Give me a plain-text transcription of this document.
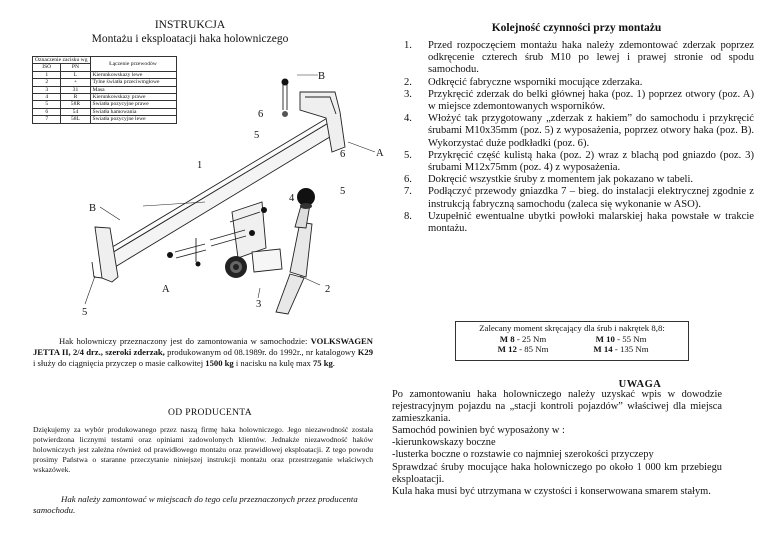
INSTRUKCJA
Montażu i eksploatacji haka holowniczego
B
B
A
A
1
2
3
4
5
5
5
6
6
Oznaczenie zacisku wg		Łączenie przewodów
ISO	PN	
1	L	Kierunkowskazy lewe
2	+	Tylne światła przeciwmgłowe
3	31	Masa
4	R	Kierunkowskazy prawe
5	58R	Światła pozycyjne prawe
6	54	Światła hamowania
7	58L	Światła pozycyjne lewe
Hak holowniczy przeznaczony jest do zamontowania w samochodzie: VOLKSWAGEN JETTA II, 2/4 drz., szeroki zderzak, produkowanym od 08.1989r. do 1992r., nr katalogowy K29 i służy do ciągnięcia przyczep o masie całkowitej 1500 kg i nacisku na kulę max 75 kg.
OD PRODUCENTA
Dziękujemy za wybór produkowanego przez naszą firmę haka holowniczego. Jego niezawodność została potwierdzona licznymi testami oraz opiniami zadowolonych klientów. Jednakże niezawodność haków holowniczych jest zależna również od prawidłowego montażu oraz prawidłowej eksploatacji. Z tego powodu prosimy Państwa o staranne przeczytanie niniejszej instrukcji montażu oraz przestrzeganie właściwych wskazówek.
Hak należy zamontować w miejscach do tego celu przeznaczonych przez producenta samochodu.
Kolejność czynności przy montażu
1. Przed rozpoczęciem montażu haka należy zdemontować zderzak poprzez odkręcenie czterech śrub M10 po lewej i prawej stronie od spodu samochodu.
2. Odkręcić fabryczne wsporniki mocujące zderzaka.
3. Przykręcić zderzak do belki głównej haka (poz. 1) poprzez otwory (poz. A) w miejsce zdemontowanych wsporników.
4. Włożyć tak przygotowany „zderzak z hakiem” do samochodu i przykręcić śrubami M10x35mm (poz. 5) z wyposażenia, poprzez otwory haka (poz. B). Wykorzystać duże podkładki (poz. 6).
5. Przykręcić część kulistą haka (poz. 2) wraz z blachą pod gniazdo (poz. 3) śrubami M12x75mm (poz. 4) z wyposażenia.
6. Dokręcić wszystkie śruby z momentem jak pokazano w tabeli.
7. Podłączyć przewody gniazdka 7 – bieg. do instalacji elektrycznej zgodnie z instrukcją fabryczną samochodu (zaleca się wykonanie w ASO).
8. Uzupełnić ewentualne ubytki powłoki malarskiej haka powstałe w trakcie montażu.
Zalecany moment skręcający dla śrub i nakrętek 8,8:
M 8 - 25 Nm	M 10 - 55 Nm
M 12 - 85 Nm	M 14 - 135 Nm
UWAGA

Po zamontowaniu haka holowniczego należy uzyskać wpis w dowodzie rejestracyjnym pojazdu na „stacji kontroli pojazdów” właściwej dla miejsca zamieszkania.

Samochód powinien być wyposażony w :

-kierunkowskazy boczne

-lusterka boczne o rozstawie co najmniej szerokości przyczepy

Sprawdzać śruby mocujące haka holowniczego po około 1 000 km przebiegu eksploatacji.

Kula haka musi być utrzymana w czystości i konserwowana smarem stałym.
